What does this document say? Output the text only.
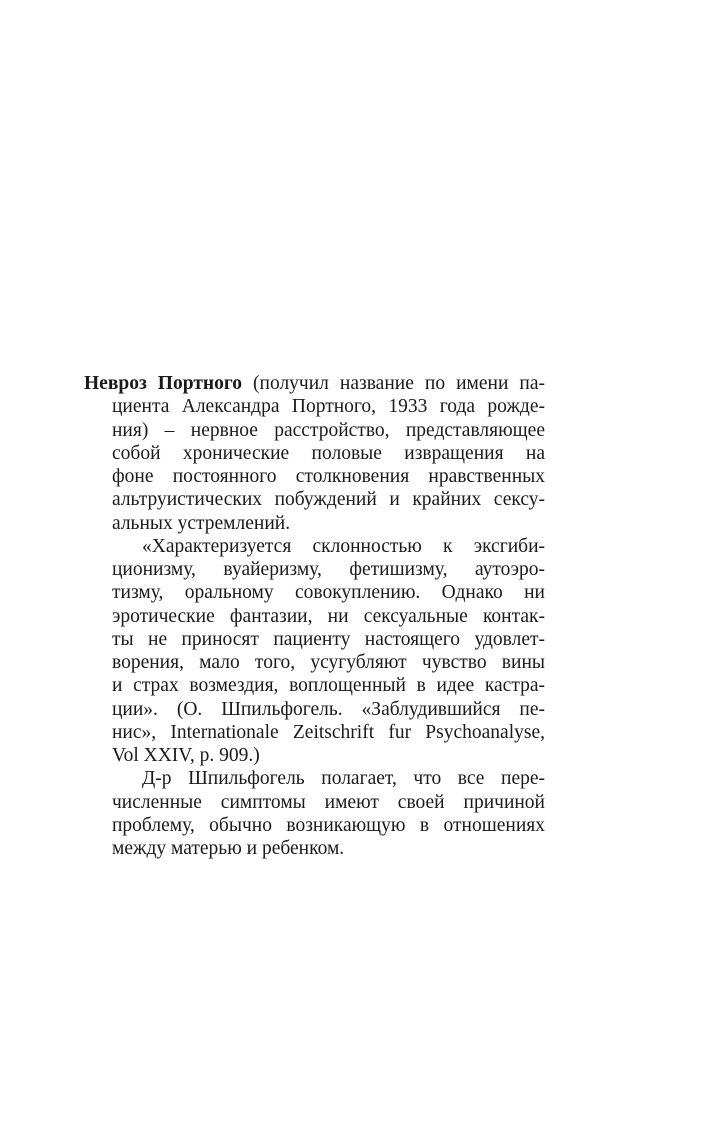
Невроз Портного (получил название по имени па-
циента Александра Портного, 1933 года рожде-
ния) – нервное расстройство, представляющее
собой хронические половые извращения на
фоне постоянного столкновения нравственных
альтруистических побуждений и крайних сексу-
альных устремлений.
«Характеризуется склонностью к эксгиби-
ционизму, вуайеризму, фетишизму, аутоэро-
тизму, оральному совокуплению. Однако ни
эротические фантазии, ни сексуальные контак-
ты не приносят пациенту настоящего удовлет-
ворения, мало того, усугубляют чувство вины
и страх возмездия, воплощенный в идее кастра-
ции». (О. Шпильфогель. «Заблудившийся пе-
нис», Internationale Zeitschrift fur Psychoanalyse,
Vol XXIV, p. 909.)
Д-р Шпильфогель полагает, что все пере-
численные симптомы имеют своей причиной
проблему, обычно возникающую в отношениях
между матерью и ребенком.
